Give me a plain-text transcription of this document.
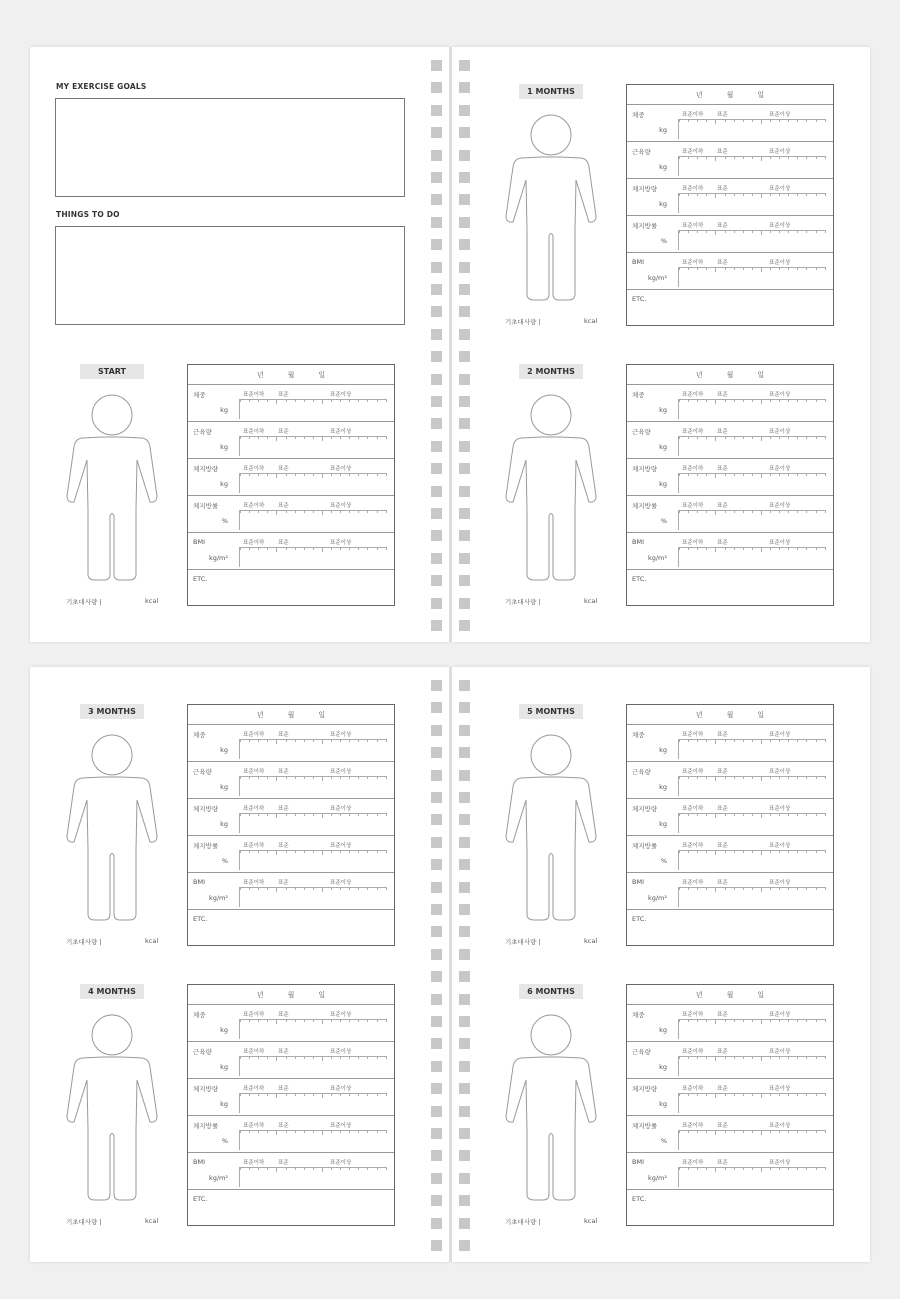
MY EXERCISE GOALS
THINGS TO DO
START
기초대사량 |	kcal
년	월	일
체중
kg
표준이하 표준	표준이상
근육량
kg
표준이하 표준	표준이상
체지방량
kg
표준이하 표준	표준이상
체지방률
%
표준이하 표준	표준이상
BMI
kg/m²
표준이하 표준	표준이상
ETC.
1 MONTHS
기초대사량 |	kcal
년	월	일
체중
kg
표준이하 표준	표준이상
근육량
kg
표준이하 표준	표준이상
체지방량
kg
표준이하 표준	표준이상
체지방률
%
표준이하 표준	표준이상
BMI
kg/m²
표준이하 표준	표준이상
ETC.
2 MONTHS
기초대사량 |	kcal
년	월	일
체중
kg
표준이하 표준	표준이상
근육량
kg
표준이하 표준	표준이상
체지방량
kg
표준이하 표준	표준이상
체지방률
%
표준이하 표준	표준이상
BMI
kg/m²
표준이하 표준	표준이상
ETC.
3 MONTHS
기초대사량 |	kcal
년	월	일
체중
kg
표준이하 표준	표준이상
근육량
kg
표준이하 표준	표준이상
체지방량
kg
표준이하 표준	표준이상
체지방률
%
표준이하 표준	표준이상
BMI
kg/m²
표준이하 표준	표준이상
ETC.
4 MONTHS
기초대사량 |	kcal
년	월	일
체중
kg
표준이하 표준	표준이상
근육량
kg
표준이하 표준	표준이상
체지방량
kg
표준이하 표준	표준이상
체지방률
%
표준이하 표준	표준이상
BMI
kg/m²
표준이하 표준	표준이상
ETC.
5 MONTHS
기초대사량 |	kcal
년	월	일
체중
kg
표준이하 표준	표준이상
근육량
kg
표준이하 표준	표준이상
체지방량
kg
표준이하 표준	표준이상
체지방률
%
표준이하 표준	표준이상
BMI
kg/m²
표준이하 표준	표준이상
ETC.
6 MONTHS
기초대사량 |	kcal
년	월	일
체중
kg
표준이하 표준	표준이상
근육량
kg
표준이하 표준	표준이상
체지방량
kg
표준이하 표준	표준이상
체지방률
%
표준이하 표준	표준이상
BMI
kg/m²
표준이하 표준	표준이상
ETC.
